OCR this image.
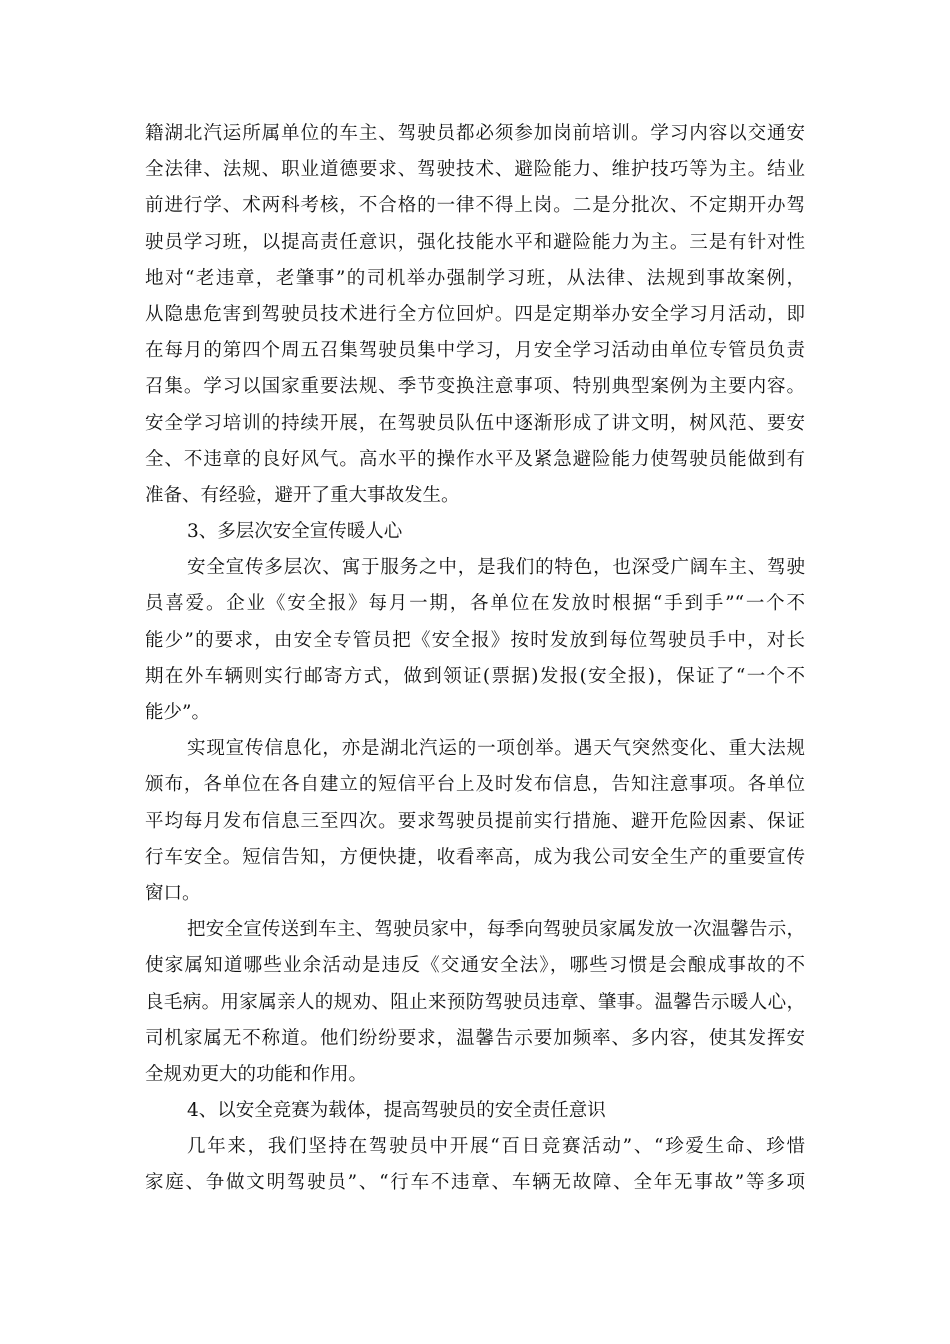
籍湖北汽运所属单位的车主、驾驶员都必须参加岗前培训。学习内容以交通安
全法律、法规、职业道德要求、驾驶技术、避险能力、维护技巧等为主。结业
前进行学、术两科考核，不合格的一律不得上岗。二是分批次、不定期开办驾
驶员学习班，以提高责任意识，强化技能水平和避险能力为主。三是有针对性
地对“老违章，老肇事”的司机举办强制学习班，从法律、法规到事故案例，
从隐患危害到驾驶员技术进行全方位回炉。四是定期举办安全学习月活动，即
在每月的第四个周五召集驾驶员集中学习，月安全学习活动由单位专管员负责
召集。学习以国家重要法规、季节变换注意事项、特别典型案例为主要内容。
安全学习培训的持续开展，在驾驶员队伍中逐渐形成了讲文明，树风范、要安
全、不违章的良好风气。高水平的操作水平及紧急避险能力使驾驶员能做到有
准备、有经验，避开了重大事故发生。
3、多层次安全宣传暖人心
安全宣传多层次、寓于服务之中，是我们的特色，也深受广阔车主、驾驶
员喜爱。企业《安全报》每月一期，各单位在发放时根据“手到手”“一个不
能少”的要求，由安全专管员把《安全报》按时发放到每位驾驶员手中，对长
期在外车辆则实行邮寄方式，做到领证(票据)发报(安全报)，保证了“一个不
能少”。
实现宣传信息化，亦是湖北汽运的一项创举。遇天气突然变化、重大法规
颁布，各单位在各自建立的短信平台上及时发布信息，告知注意事项。各单位
平均每月发布信息三至四次。要求驾驶员提前实行措施、避开危险因素、保证
行车安全。短信告知，方便快捷，收看率高，成为我公司安全生产的重要宣传
窗口。
把安全宣传送到车主、驾驶员家中，每季向驾驶员家属发放一次温馨告示，
使家属知道哪些业余活动是违反《交通安全法》，哪些习惯是会酿成事故的不
良毛病。用家属亲人的规劝、阻止来预防驾驶员违章、肇事。温馨告示暖人心，
司机家属无不称道。他们纷纷要求，温馨告示要加频率、多内容，使其发挥安
全规劝更大的功能和作用。
4、以安全竞赛为载体，提高驾驶员的安全责任意识
几年来，我们坚持在驾驶员中开展“百日竞赛活动”、“珍爱生命、珍惜
家庭、争做文明驾驶员”、“行车不违章、车辆无故障、全年无事故”等多项
